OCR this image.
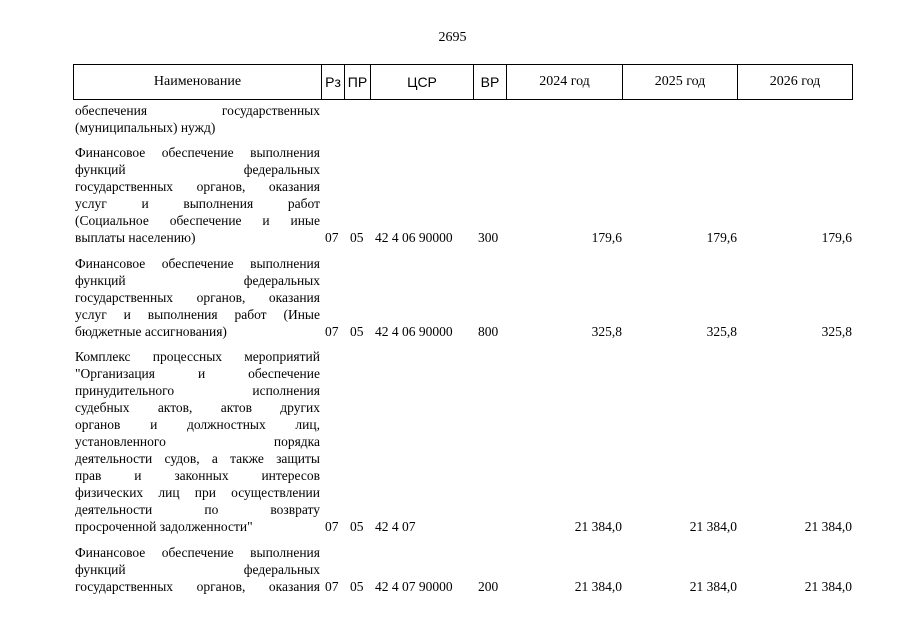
2695
Наименование	Рз ПР	ЦСР	ВР	2024 год	2025 год	2026 год
обеспечения государственных
(муниципальных) нужд)
Финансовое обеспечение выполнения
функций федеральных
государственных органов, оказания
услуг и выполнения работ
(Социальное обеспечение и иные
выплаты населению)	07 05 42 4 06 90000 300	179,6	179,6	179,6
Финансовое обеспечение выполнения
функций федеральных
государственных органов, оказания
услуг и выполнения работ (Иные
бюджетные ассигнования)	07 05 42 4 06 90000 800	325,8	325,8	325,8
Комплекс процессных мероприятий
"Организация и обеспечение
принудительного исполнения
судебных актов, актов других
органов и должностных лиц,
установленного порядка
деятельности судов, а также защиты
прав и законных интересов
физических лиц при осуществлении
деятельности по возврату
просроченной задолженности"	07 05 42 4 07	21 384,0	21 384,0	21 384,0
Финансовое обеспечение выполнения
функций федеральных
государственных органов, оказания 07 05 42 4 07 90000 200	21 384,0	21 384,0	21 384,0
